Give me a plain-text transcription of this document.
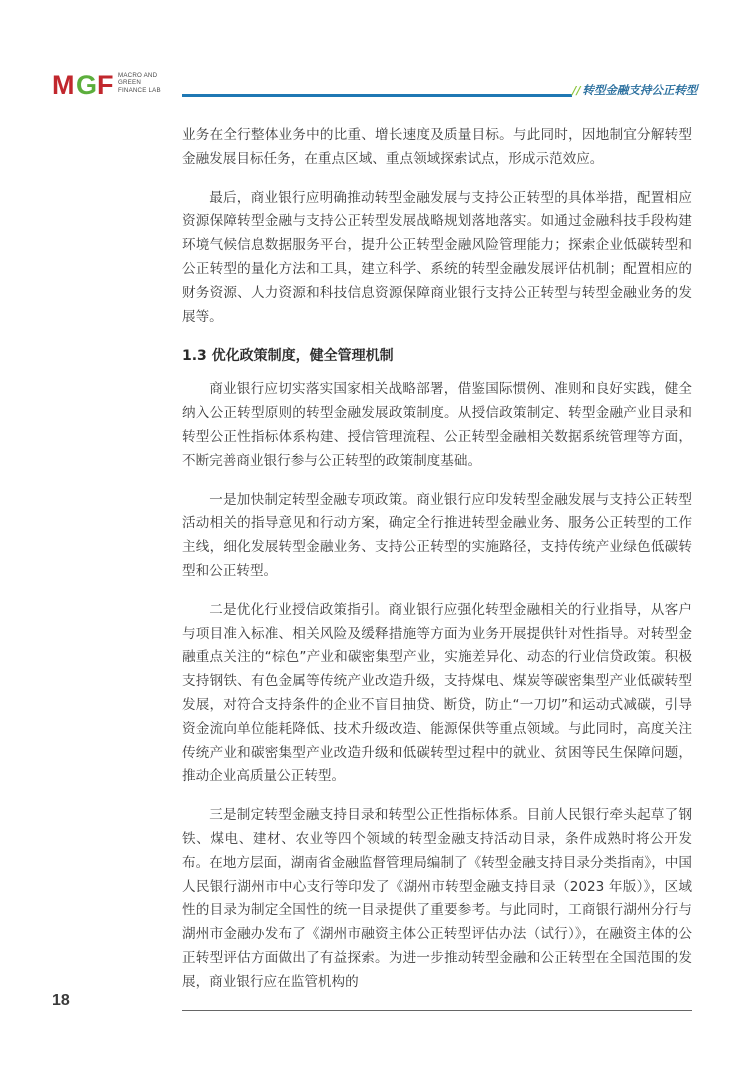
M G F MACRO AND
GREEN
FINANCE LAB	// 转型金融支持公正转型

业务在全行整体业务中的比重、增长速度及质量目标。与此同时，因地制宜分解转型金融发展目标任务，在重点区域、重点领域探索试点，形成示范效应。

最后，商业银行应明确推动转型金融发展与支持公正转型的具体举措，配置相应资源保障转型金融与支持公正转型发展战略规划落地落实。如通过金融科技手段构建环境气候信息数据服务平台，提升公正转型金融风险管理能力；探索企业低碳转型和公正转型的量化方法和工具，建立科学、系统的转型金融发展评估机制；配置相应的财务资源、人力资源和科技信息资源保障商业银行支持公正转型与转型金融业务的发展等。

1.3 优化政策制度，健全管理机制

商业银行应切实落实国家相关战略部署，借鉴国际惯例、准则和良好实践，健全纳入公正转型原则的转型金融发展政策制度。从授信政策制定、转型金融产业目录和转型公正性指标体系构建、授信管理流程、公正转型金融相关数据系统管理等方面，不断完善商业银行参与公正转型的政策制度基础。

一是加快制定转型金融专项政策。商业银行应印发转型金融发展与支持公正转型活动相关的指导意见和行动方案，确定全行推进转型金融业务、服务公正转型的工作主线，细化发展转型金融业务、支持公正转型的实施路径，支持传统产业绿色低碳转型和公正转型。

二是优化行业授信政策指引。商业银行应强化转型金融相关的行业指导，从客户与项目准入标准、相关风险及缓释措施等方面为业务开展提供针对性指导。对转型金融重点关注的“棕色”产业和碳密集型产业，实施差异化、动态的行业信贷政策。积极支持钢铁、有色金属等传统产业改造升级，支持煤电、煤炭等碳密集型产业低碳转型发展，对符合支持条件的企业不盲目抽贷、断贷，防止“一刀切”和运动式减碳，引导资金流向单位能耗降低、技术升级改造、能源保供等重点领域。与此同时，高度关注传统产业和碳密集型产业改造升级和低碳转型过程中的就业、贫困等民生保障问题，推动企业高质量公正转型。

三是制定转型金融支持目录和转型公正性指标体系。目前人民银行牵头起草了钢铁、煤电、建材、农业等四个领域的转型金融支持活动目录，条件成熟时将公开发布。在地方层面，湖南省金融监督管理局编制了《转型金融支持目录分类指南》，中国人民银行湖州市中心支行等印发了《湖州市转型金融支持目录（2023 年版）》，区域性的目录为制定全国性的统一目录提供了重要参考。与此同时，工商银行湖州分行与湖州市金融办发布了《湖州市融资主体公正转型评估办法（试行）》，在融资主体的公正转型评估方面做出了有益探索。为进一步推动转型金融和公正转型在全国范围的发展，商业银行应在监管机构的

18
